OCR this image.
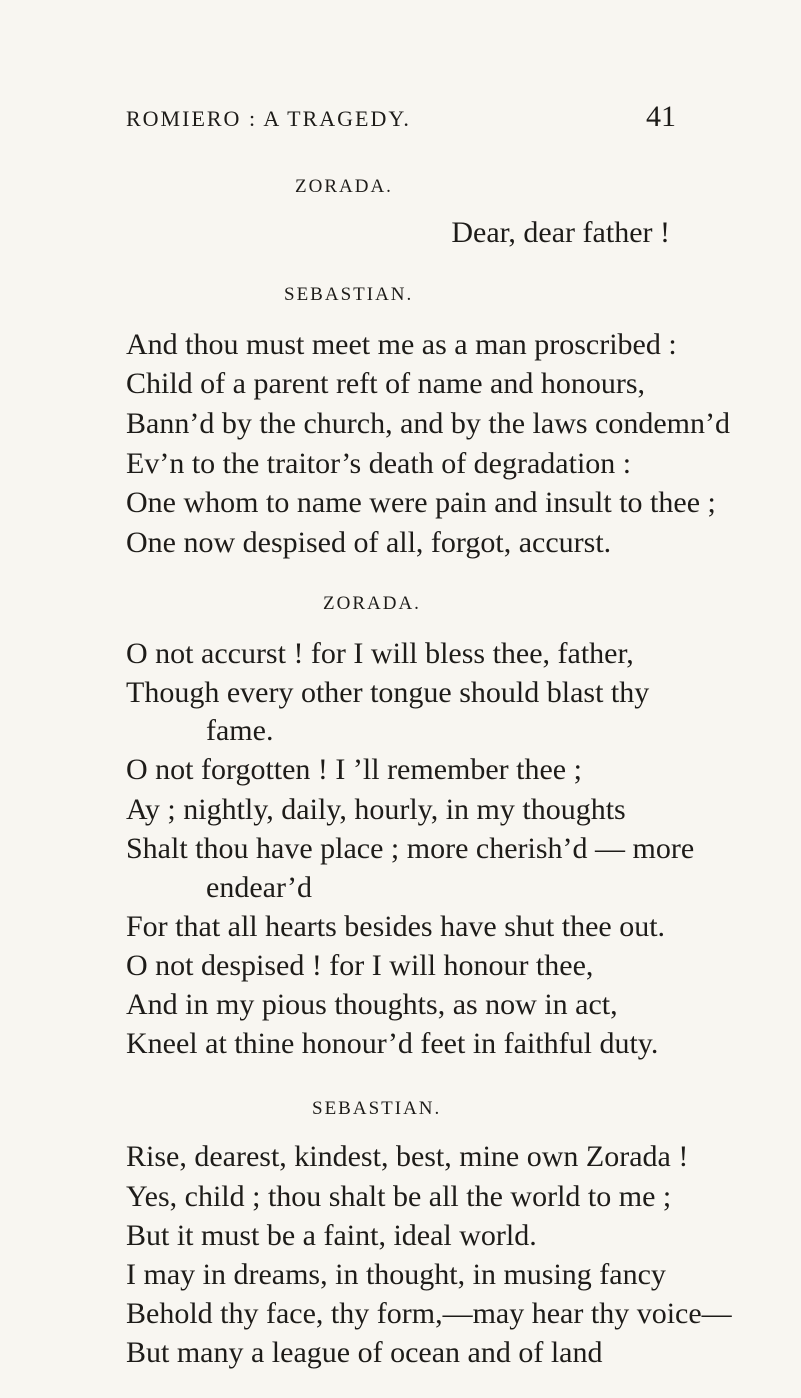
ROMIERO : A TRAGEDY.	41
ZORADA.
Dear, dear father !
SEBASTIAN.
And thou must meet me as a man proscribed :
Child of a parent reft of name and honours,
Bann’d by the church, and by the laws condemn’d
Ev’n to the traitor’s death of degradation :
One whom to name were pain and insult to thee ;
One now despised of all, forgot, accurst.
ZORADA.
O not accurst ! for I will bless thee, father,
Though every other tongue should blast thy
fame.
O not forgotten ! I ’ll remember thee ;
Ay ; nightly, daily, hourly, in my thoughts
Shalt thou have place ; more cherish’d — more
endear’d
For that all hearts besides have shut thee out.
O not despised ! for I will honour thee,
And in my pious thoughts, as now in act,
Kneel at thine honour’d feet in faithful duty.
SEBASTIAN.
Rise, dearest, kindest, best, mine own Zorada !
Yes, child ; thou shalt be all the world to me ;
But it must be a faint, ideal world.
I may in dreams, in thought, in musing fancy
Behold thy face, thy form,—may hear thy voice—
But many a league of ocean and of land
